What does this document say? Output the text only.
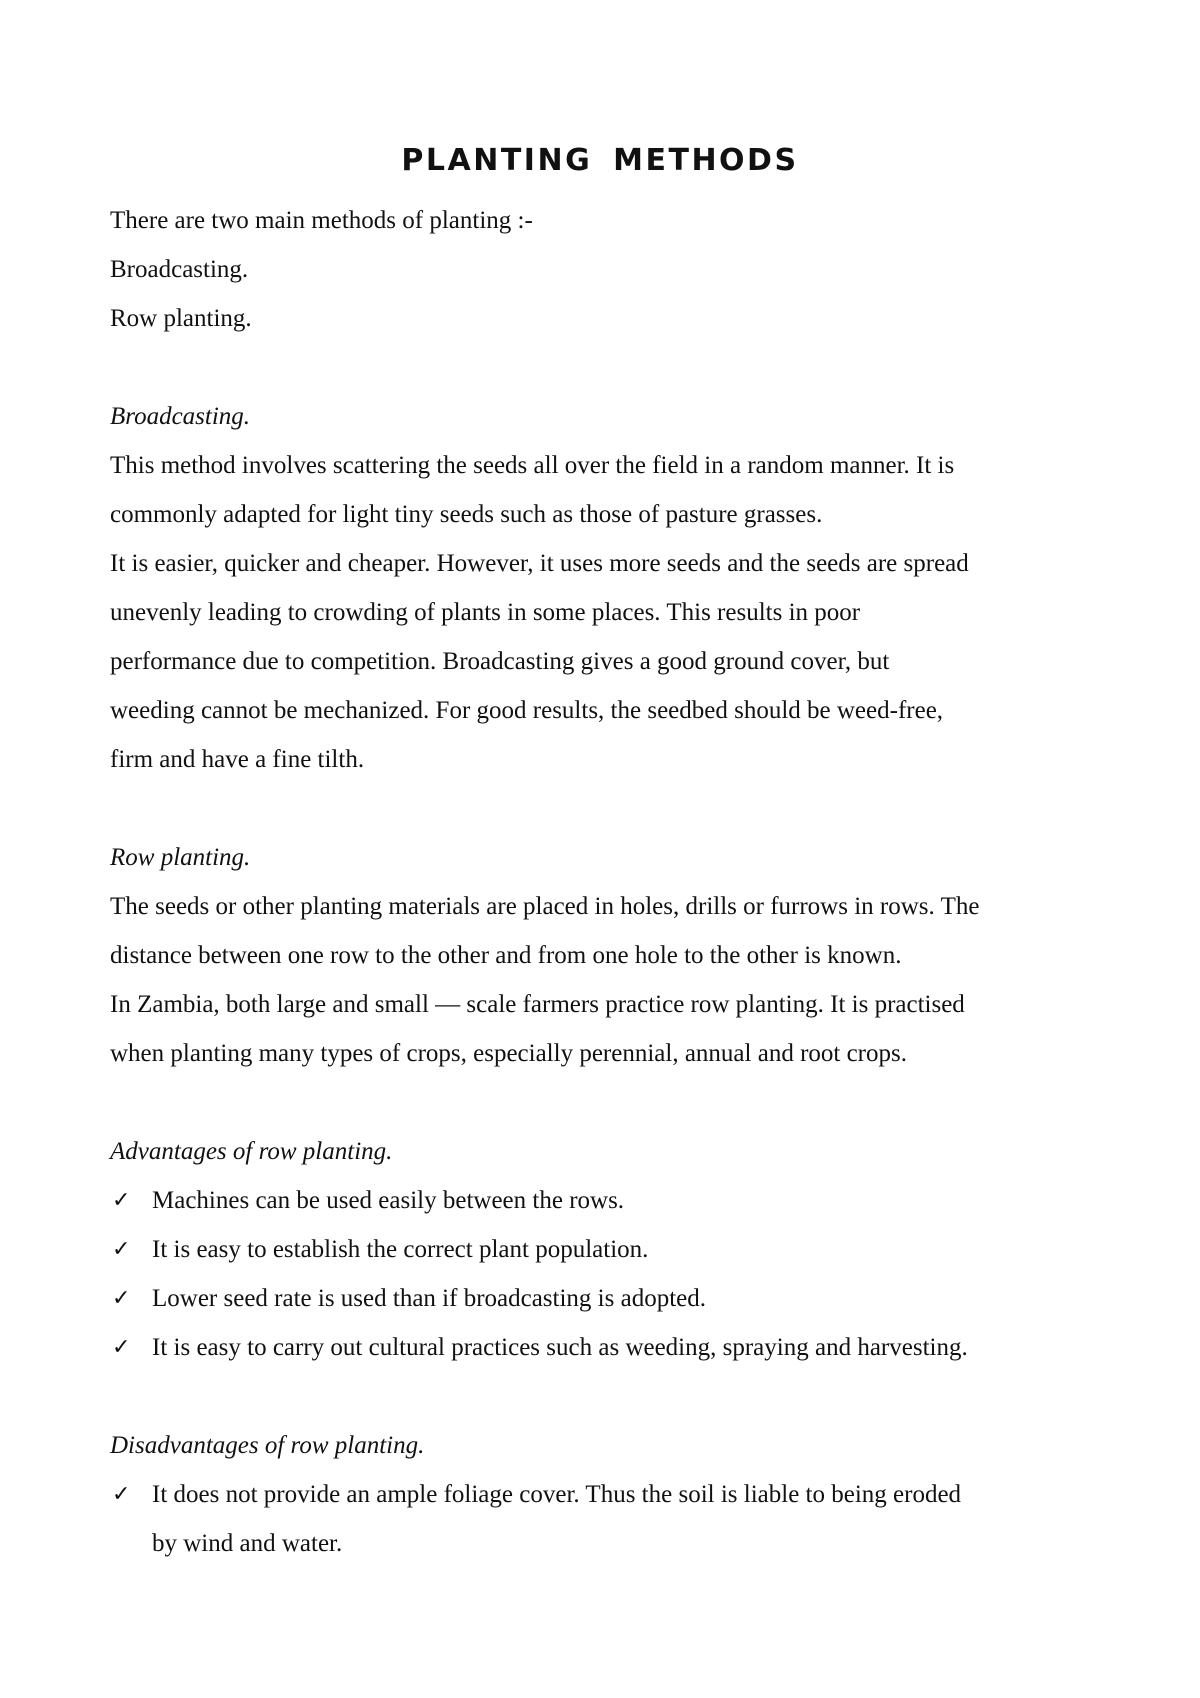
PLANTING METHODS
There are two main methods of planting :-
Broadcasting.
Row planting.
Broadcasting.
This method involves scattering the seeds all over the field in a random manner. It is
commonly adapted for light tiny seeds such as those of pasture grasses.
It is easier, quicker and cheaper. However, it uses more seeds and the seeds are spread
unevenly leading to crowding of plants in some places. This results in poor
performance due to competition. Broadcasting gives a good ground cover, but
weeding cannot be mechanized. For good results, the seedbed should be weed-free,
firm and have a fine tilth.
Row planting.
The seeds or other planting materials are placed in holes, drills or furrows in rows. The
distance between one row to the other and from one hole to the other is known.
In Zambia, both large and small — scale farmers practice row planting. It is practised
when planting many types of crops, especially perennial, annual and root crops.
Advantages of row planting.
✓ Machines can be used easily between the rows.
✓ It is easy to establish the correct plant population.
✓ Lower seed rate is used than if broadcasting is adopted.
✓ It is easy to carry out cultural practices such as weeding, spraying and harvesting.
Disadvantages of row planting.
✓ It does not provide an ample foliage cover. Thus the soil is liable to being eroded
by wind and water.
